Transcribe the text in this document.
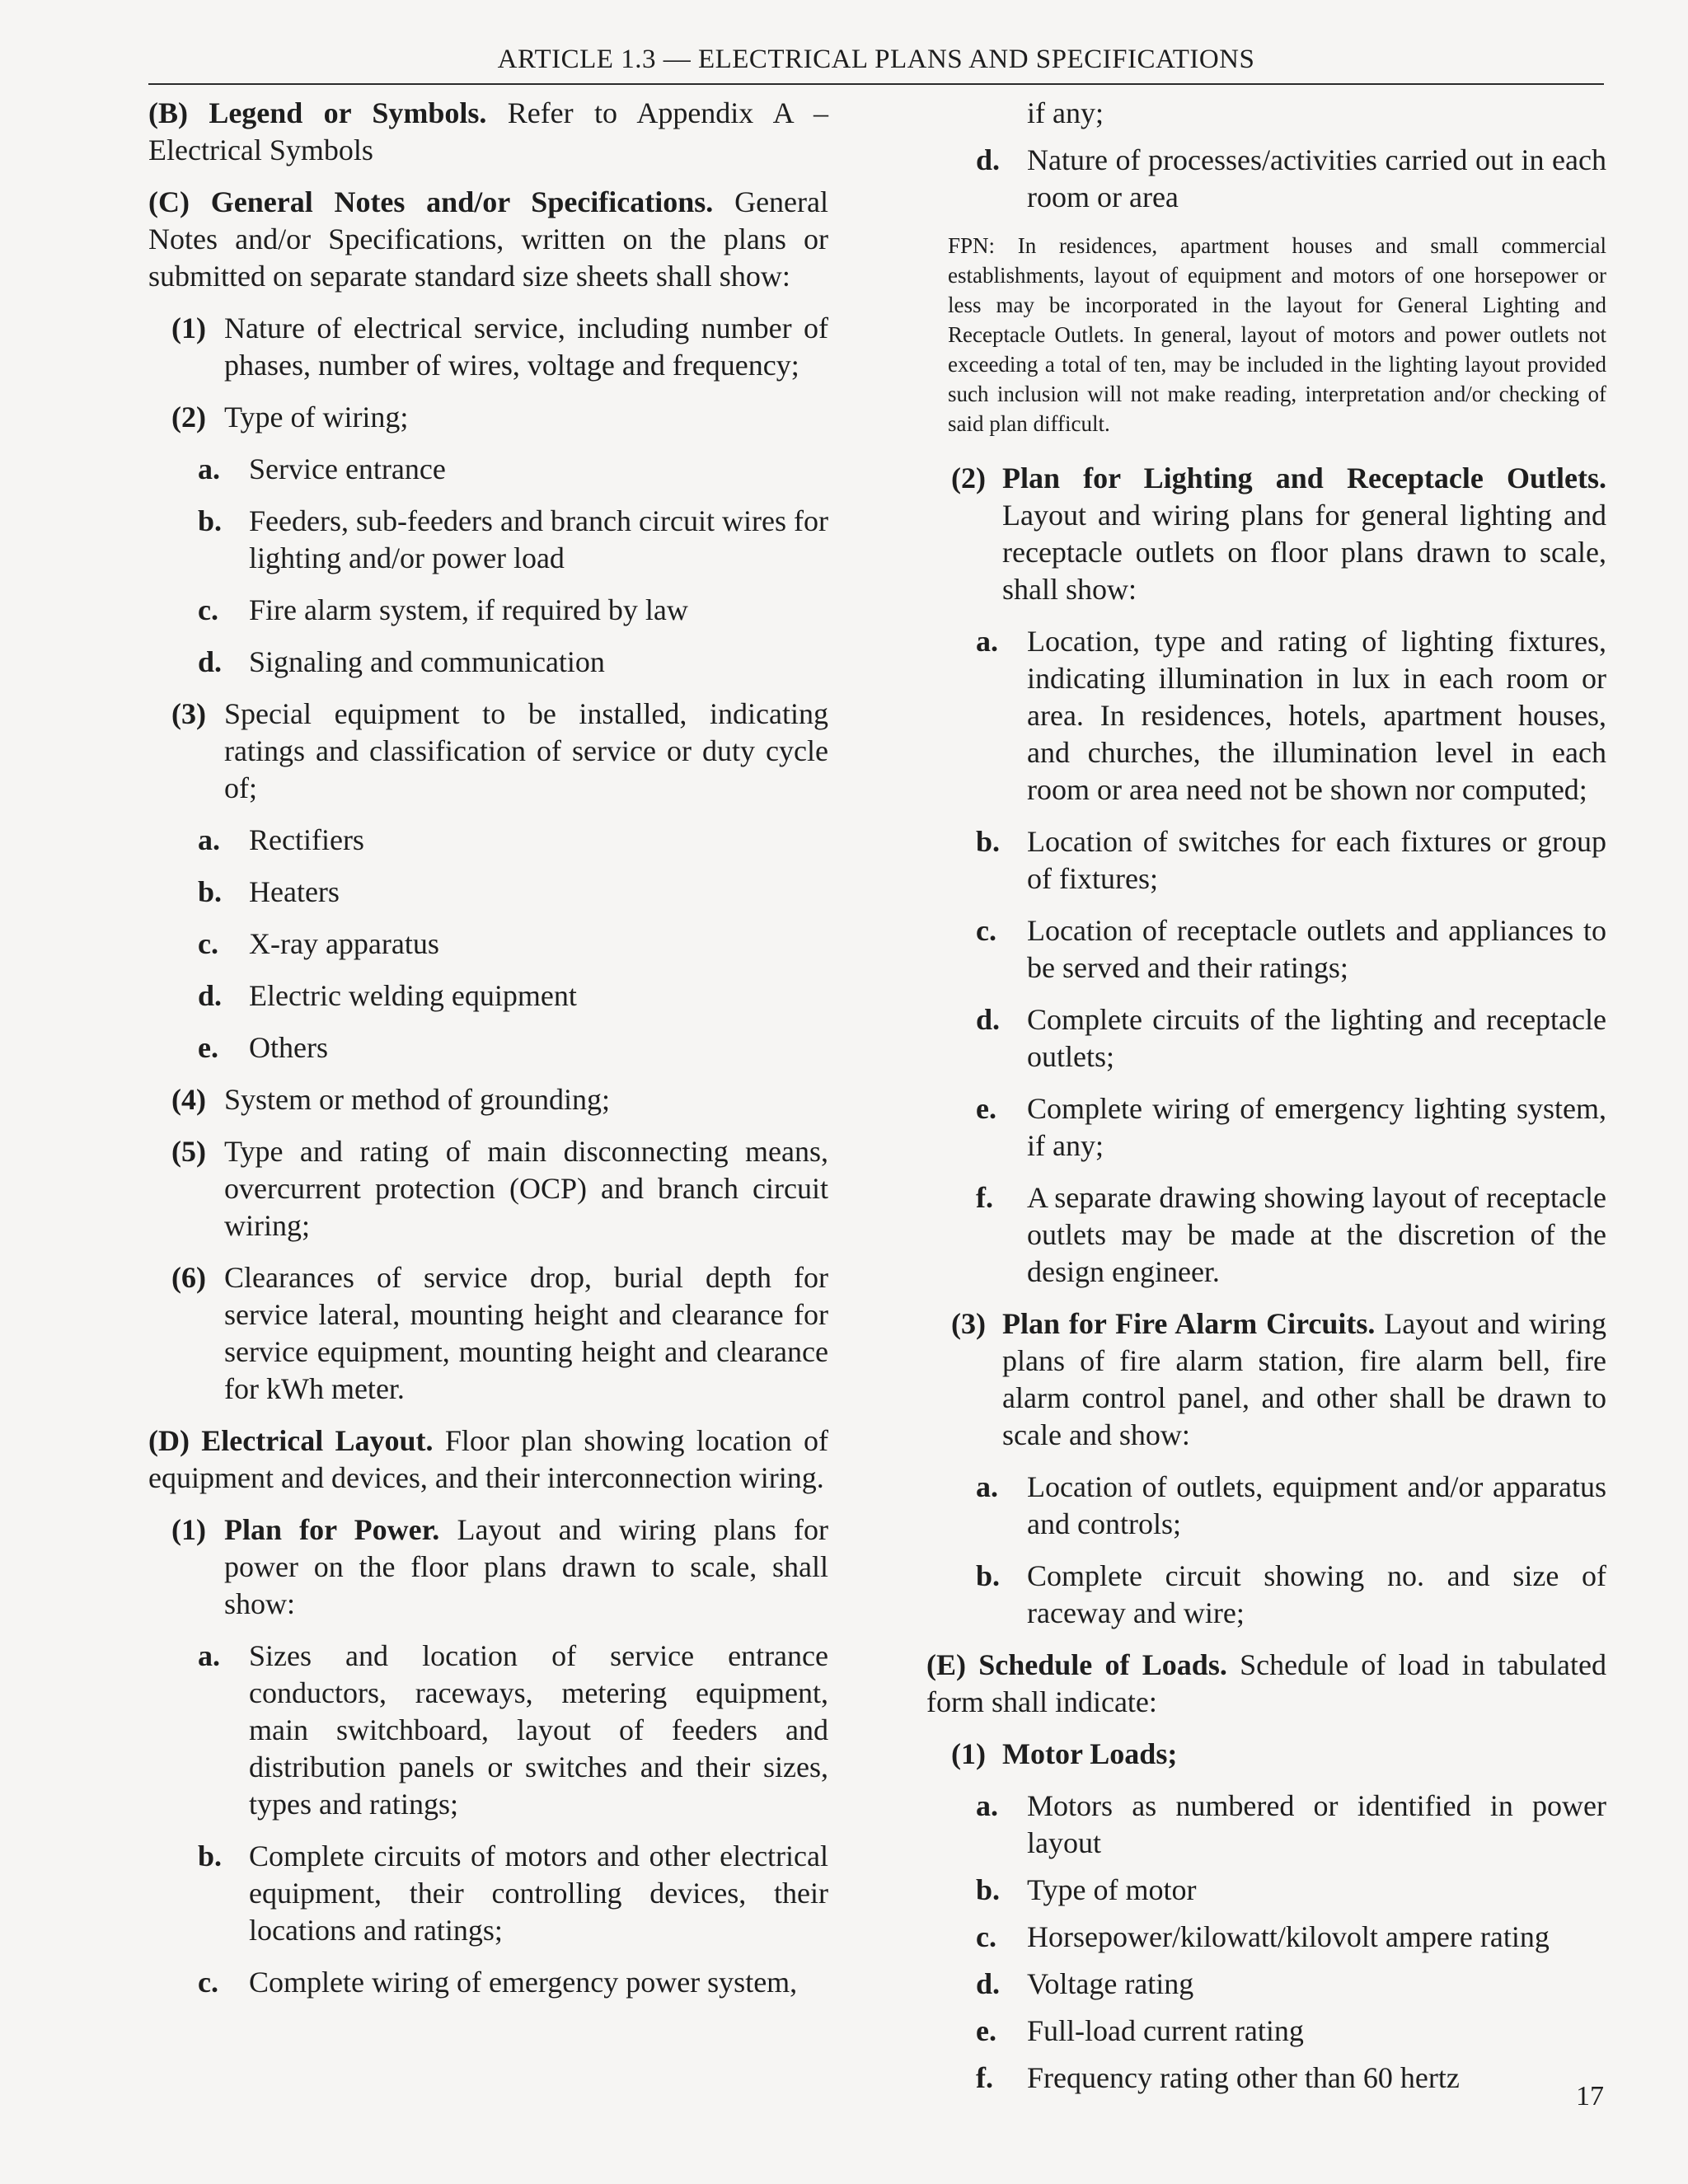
ARTICLE 1.3 — ELECTRICAL PLANS AND SPECIFICATIONS

(B) Legend or Symbols. Refer to Appendix A – Electrical Symbols

(C) General Notes and/or Specifications. General Notes and/or Specifications, written on the plans or submitted on separate standard size sheets shall show:

(1) Nature of electrical service, including number of phases, number of wires, voltage and frequency;
(2) Type of wiring;
a. Service entrance
b. Feeders, sub-feeders and branch circuit wires for lighting and/or power load
c.	Fire alarm system, if required by law
d. Signaling and communication
(3) Special equipment to be installed, indicating ratings and classification of service or duty cycle of;
a. Rectifiers
b. Heaters
c.	X-ray apparatus
d. Electric welding equipment
e.	Others
(4) System or method of grounding;
(5) Type and rating of main disconnecting means, overcurrent protection (OCP) and branch circuit wiring;
(6) Clearances of service drop, burial depth for service lateral, mounting height and clearance for service equipment, mounting height and clearance for kWh meter.

(D) Electrical Layout. Floor plan showing location of equipment and devices, and their interconnection wiring.

(1) Plan for Power. Layout and wiring plans for power on the floor plans drawn to scale, shall show:
a. Sizes and location of service entrance conductors, raceways, metering equipment, main switchboard, layout of feeders and distribution panels or switches and their sizes, types and ratings;
b. Complete circuits of motors and other electrical equipment, their controlling devices, their locations and ratings;
c.	Complete wiring of emergency power system,
if any;
d. Nature of processes/activities carried out in each room or area

FPN: In residences, apartment houses and small commercial establishments, layout of equipment and motors of one horsepower or less may be incorporated in the layout for General Lighting and Receptacle Outlets. In general, layout of motors and power outlets not exceeding a total of ten, may be included in the lighting layout provided such inclusion will not make reading, interpretation and/or checking of said plan difficult.

(2) Plan for Lighting and Receptacle Outlets. Layout and wiring plans for general lighting and receptacle outlets on floor plans drawn to scale, shall show:
a. Location, type and rating of lighting fixtures, indicating illumination in lux in each room or area. In residences, hotels, apartment houses, and churches, the illumination level in each room or area need not be shown nor computed;
b. Location of switches for each fixtures or group of fixtures;
c.	Location of receptacle outlets and appliances to be served and their ratings;
d. Complete circuits of the lighting and receptacle outlets;
e.	Complete wiring of emergency lighting system, if any;
f.	A separate drawing showing layout of receptacle outlets may be made at the discretion of the design engineer.
(3) Plan for Fire Alarm Circuits. Layout and wiring plans of fire alarm station, fire alarm bell, fire alarm control panel, and other shall be drawn to scale and show:
a. Location of outlets, equipment and/or apparatus and controls;
b. Complete circuit showing no. and size of raceway and wire;

(E) Schedule of Loads. Schedule of load in tabulated form shall indicate:

(1) Motor Loads;
a. Motors as numbered or identified in power layout
b. Type of motor
c.	Horsepower/kilowatt/kilovolt ampere rating
d. Voltage rating
e.	Full-load current rating
f.	Frequency rating other than 60 hertz
17
